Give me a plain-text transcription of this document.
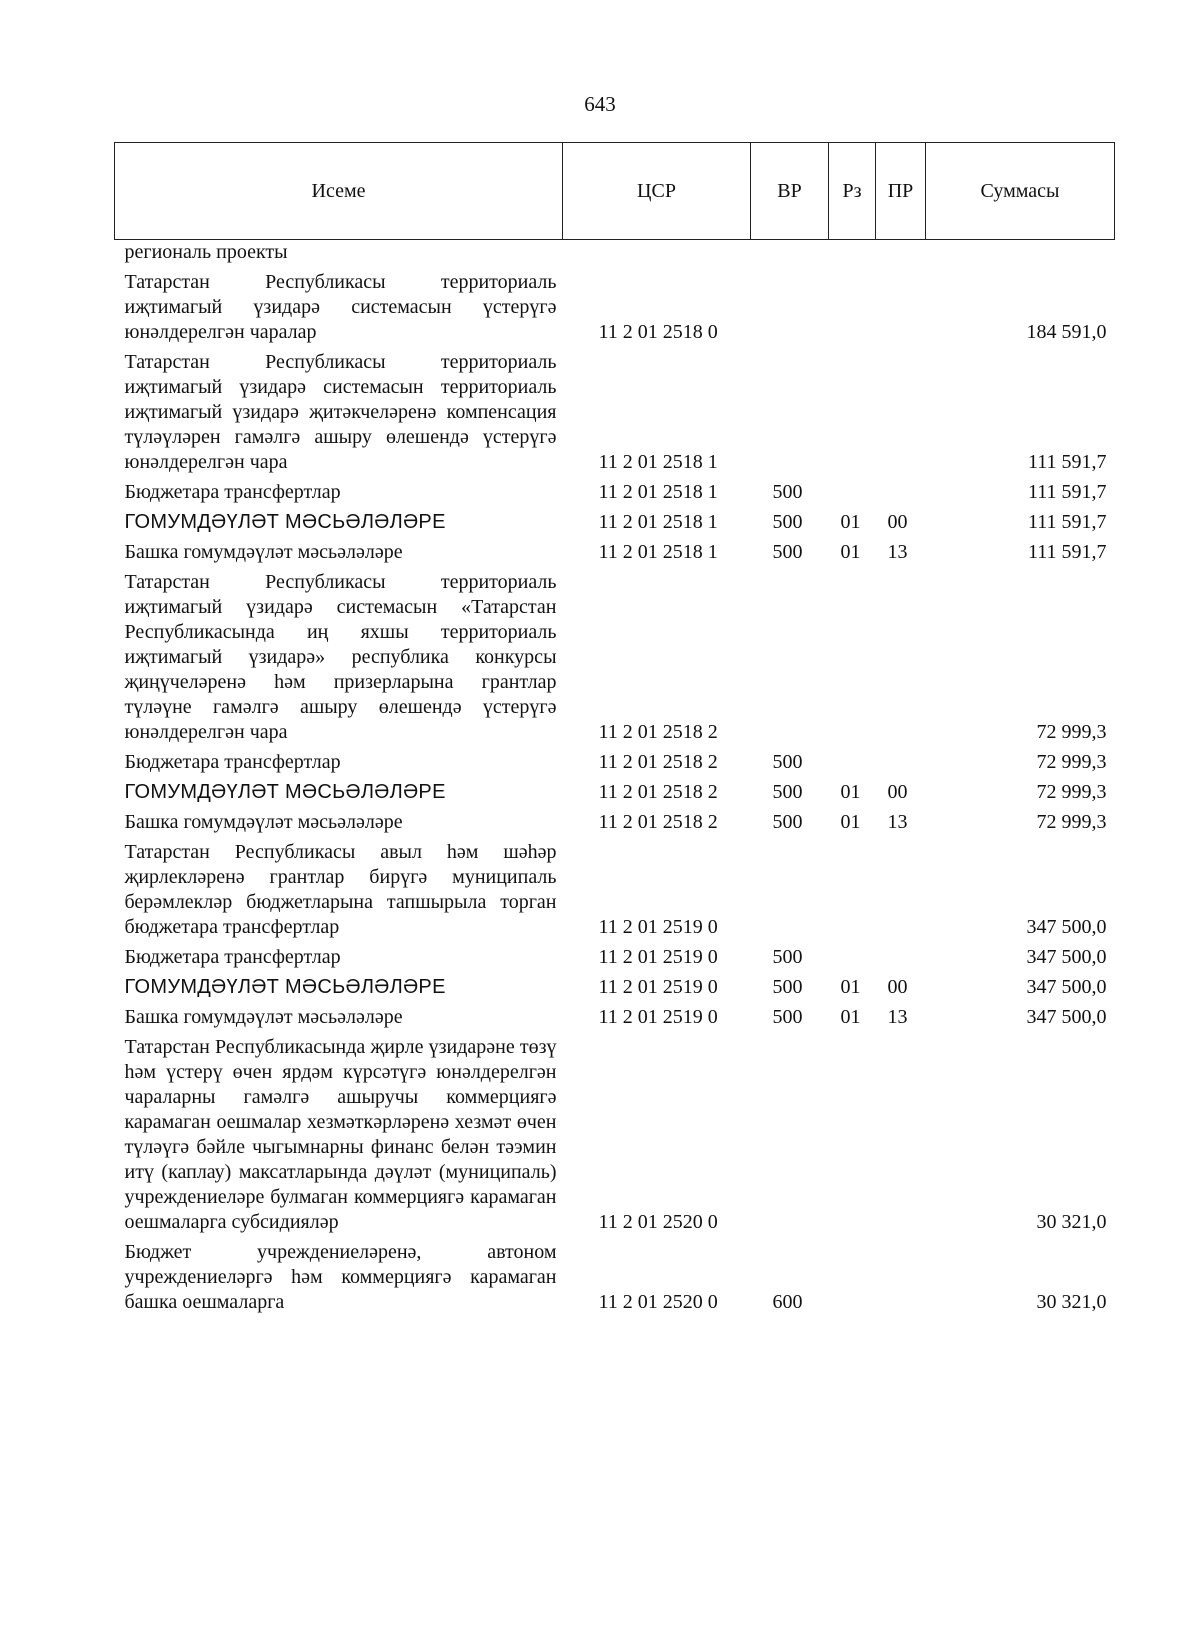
643
Исеме	ЦСР	ВР	Рз	ПР	Суммасы
региональ проекты					
Татарстан Республикасы территориаль иҗтимагый үзидарә системасын үстерүгә юнәлдерелгән чаралар	11 2 01 2518 0				184 591,0
Татарстан Республикасы территориаль иҗтимагый үзидарә системасын территориаль иҗтимагый үзидарә җитәкчеләренә компенсация түләүләрен гамәлгә ашыру өлешендә үстерүгә юнәлдерелгән чара	11 2 01 2518 1				111 591,7
Бюджетара трансфертлар	11 2 01 2518 1	500			111 591,7
ГОМУМДӘҮЛӘТ МӘСЬӘЛӘЛӘРЕ	11 2 01 2518 1	500	01	00	111 591,7
Башка гомумдәүләт мәсьәләләре	11 2 01 2518 1	500	01	13	111 591,7
Татарстан Республикасы территориаль иҗтимагый үзидарә системасын «Татарстан Республикасында иң яхшы территориаль иҗтимагый үзидарә» республика конкурсы җиңүчеләренә һәм призерларына грантлар түләүне гамәлгә ашыру өлешендә үстерүгә юнәлдерелгән чара	11 2 01 2518 2				72 999,3
Бюджетара трансфертлар	11 2 01 2518 2	500			72 999,3
ГОМУМДӘҮЛӘТ МӘСЬӘЛӘЛӘРЕ	11 2 01 2518 2	500	01	00	72 999,3
Башка гомумдәүләт мәсьәләләре	11 2 01 2518 2	500	01	13	72 999,3
Татарстан Республикасы авыл һәм шәһәр җирлекләренә грантлар бирүгә муниципаль берәмлекләр бюджетларына тапшырыла торган бюджетара трансфертлар	11 2 01 2519 0				347 500,0
Бюджетара трансфертлар	11 2 01 2519 0	500			347 500,0
ГОМУМДӘҮЛӘТ МӘСЬӘЛӘЛӘРЕ	11 2 01 2519 0	500	01	00	347 500,0
Башка гомумдәүләт мәсьәләләре	11 2 01 2519 0	500	01	13	347 500,0
Татарстан Республикасында җирле үзидарәне төзү һәм үстерү өчен ярдәм күрсәтүгә юнәлдерелгән чараларны гамәлгә ашыручы коммерциягә карамаган оешмалар хезмәткәрләренә хезмәт өчен түләүгә бәйле чыгымнарны финанс белән тәэмин итү (каплау) максатларында дәүләт (муниципаль) учреждениеләре булмаган коммерциягә карамаган оешмаларга субсидияләр	11 2 01 2520 0				30 321,0
Бюджет учреждениеләренә, автоном учреждениеләргә һәм коммерциягә карамаган башка оешмаларга	11 2 01 2520 0	600			30 321,0
